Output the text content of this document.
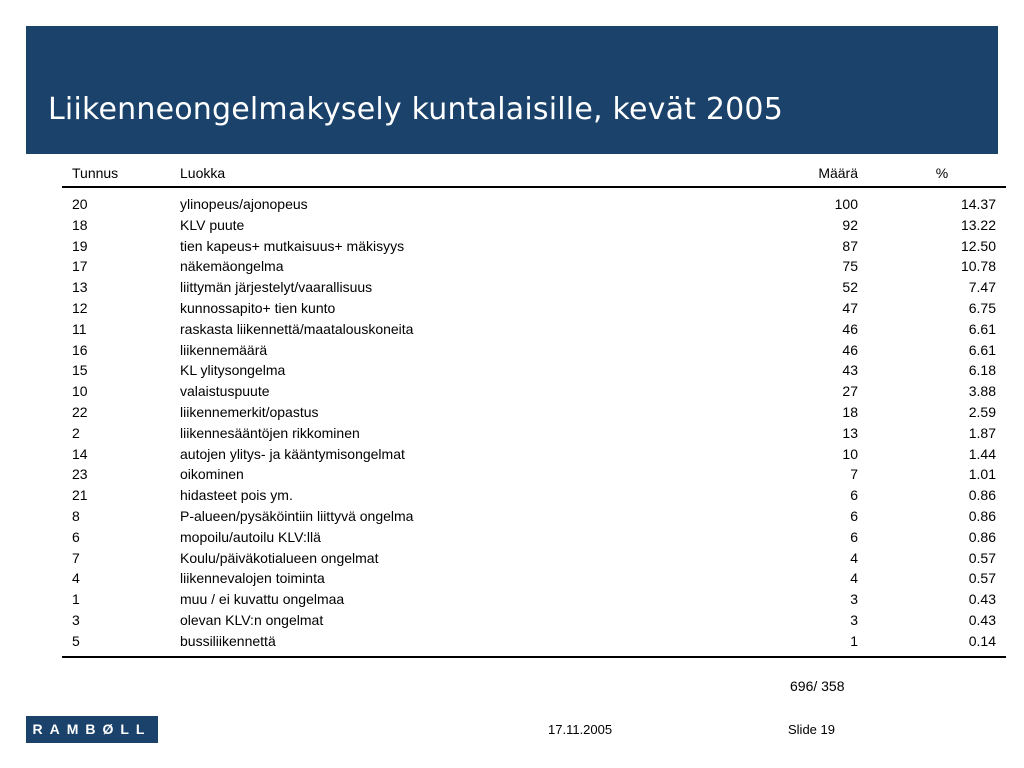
Liikenneongelmakysely kuntalaisille, kevät 2005
Tunnus	Luokka	Määrä	%
20	ylinopeus/ajonopeus	100	14.37
18	KLV puute	92	13.22
19	tien kapeus+ mutkaisuus+ mäkisyys	87	12.50
17	näkemäongelma	75	10.78
13	liittymän järjestelyt/vaarallisuus	52	7.47
12	kunnossapito+ tien kunto	47	6.75
11	raskasta liikennettä/maatalouskoneita	46	6.61
16	liikennemäärä	46	6.61
15	KL ylitysongelma	43	6.18
10	valaistuspuute	27	3.88
22	liikennemerkit/opastus	18	2.59
2	liikennesääntöjen rikkominen	13	1.87
14	autojen ylitys- ja kääntymisongelmat	10	1.44
23	oikominen	7	1.01
21	hidasteet pois ym.	6	0.86
8	P-alueen/pysäköintiin liittyvä ongelma	6	0.86
6	mopoilu/autoilu KLV:llä	6	0.86
7	Koulu/päiväkotialueen ongelmat	4	0.57
4	liikennevalojen toiminta	4	0.57
1	muu / ei kuvattu ongelmaa	3	0.43
3	olevan KLV:n ongelmat	3	0.43
5	bussiliikennettä	1	0.14
696/ 358
RAMBØLL	17.11.2005	Slide 19
